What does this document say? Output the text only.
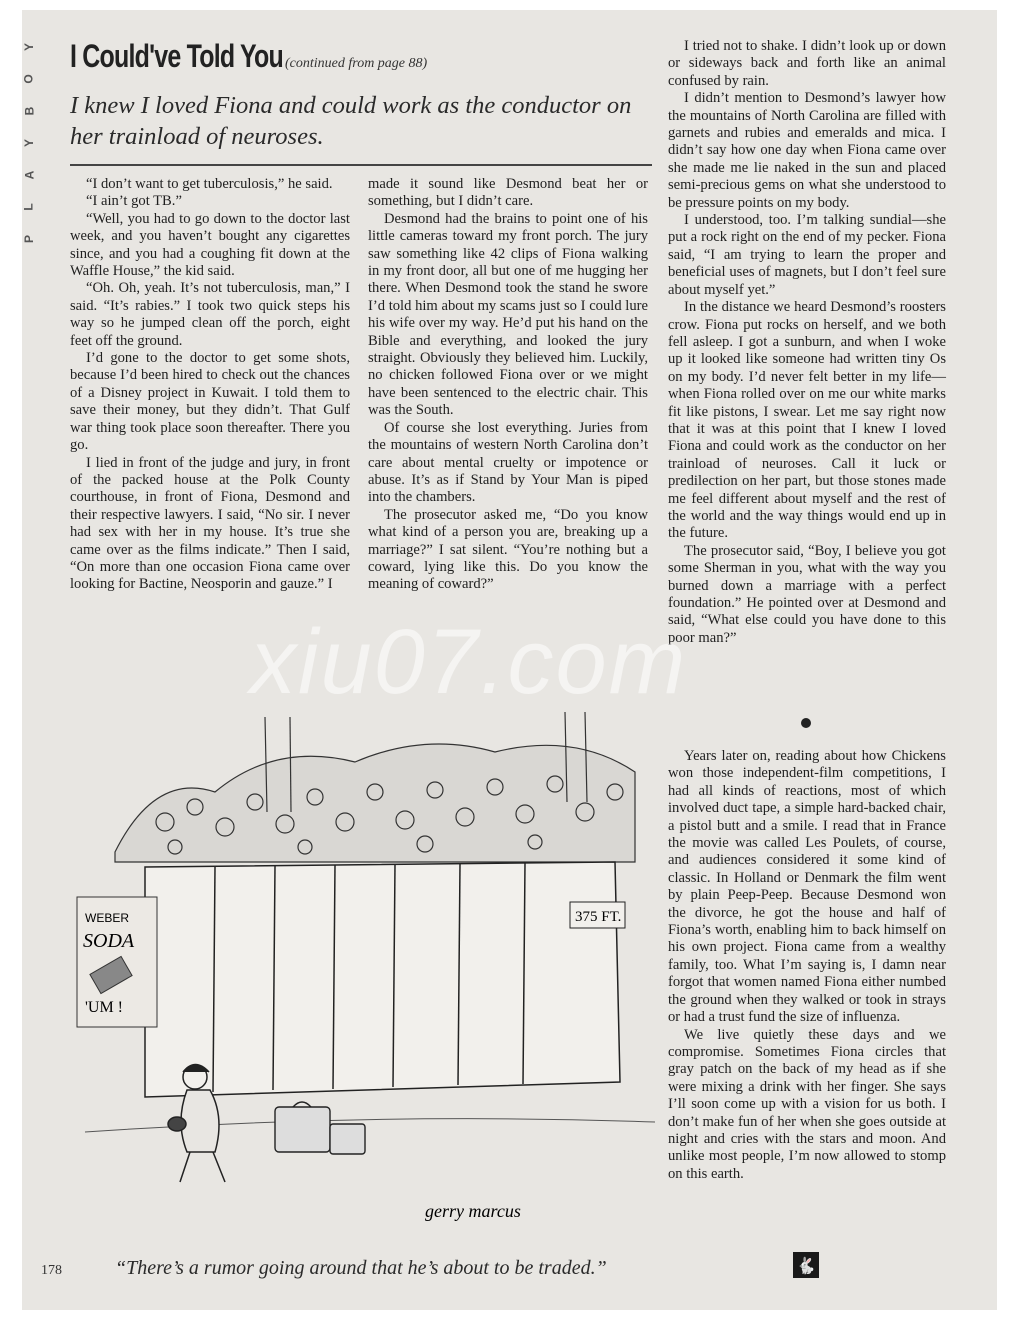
Y
O
B
Y
A
L
P
I Could've Told You (continued from page 88)
I knew I loved Fiona and could work as the conductor on her trainload of neuroses.

“I don’t want to get tuberculosis,” he said.

“I ain’t got TB.”

“Well, you had to go down to the doctor last week, and you haven’t bought any cigarettes since, and you had a coughing fit down at the Waffle House,” the kid said.

“Oh. Oh, yeah. It’s not tuberculosis, man,” I said. “It’s rabies.” I took two quick steps his way so he jumped clean off the porch, eight feet off the ground.

I’d gone to the doctor to get some shots, because I’d been hired to check out the chances of a Disney project in Kuwait. I told them to save their money, but they didn’t. That Gulf war thing took place soon thereafter. There you go.

I lied in front of the judge and jury, in front of the packed house at the Polk County courthouse, in front of Fiona, Desmond and their respective lawyers. I said, “No sir. I never had sex with her in my house. It’s true she came over as the films indicate.” Then I said, “On more than one occasion Fiona came over looking for Bactine, Neosporin and gauze.” I

made it sound like Desmond beat her or something, but I didn’t care.

Desmond had the brains to point one of his little cameras toward my front porch. The jury saw something like 42 clips of Fiona walking in my front door, all but one of me hugging her there. When Desmond took the stand he swore I’d told him about my scams just so I could lure his wife over my way. He’d put his hand on the Bible and everything, and looked the jury straight. Obviously they believed him. Luckily, no chicken followed Fiona over or we might have been sentenced to the electric chair. This was the South.

Of course she lost everything. Juries from the mountains of western North Carolina don’t care about mental cruelty or impotence or abuse. It’s as if Stand by Your Man is piped into the chambers.

The prosecutor asked me, “Do you know what kind of a person you are, breaking up a marriage?” I sat silent. “You’re nothing but a coward, lying like this. Do you know the meaning of coward?”

I tried not to shake. I didn’t look up or down or sideways back and forth like an animal confused by rain.

I didn’t mention to Desmond’s lawyer how the mountains of North Carolina are filled with garnets and rubies and emeralds and mica. I didn’t say how one day when Fiona came over she made me lie naked in the sun and placed semi-precious gems on what she understood to be pressure points on my body.

I understood, too. I’m talking sundial—she put a rock right on the end of my pecker. Fiona said, “I am trying to learn the proper and beneficial uses of magnets, but I don’t feel sure about myself yet.”

In the distance we heard Desmond’s roosters crow. Fiona put rocks on herself, and we both fell asleep. I got a sunburn, and when I woke up it looked like someone had written tiny Os on my body. I’d never felt better in my life—when Fiona rolled over on me our white marks fit like pistons, I swear. Let me say right now that it was at this point that I knew I loved Fiona and could work as the conductor on her trainload of neuroses. Call it luck or predilection on her part, but those stones made me feel different about myself and the rest of the world and the way things would end up in the future.

The prosecutor said, “Boy, I believe you got some Sherman in you, what with the way you burned down a marriage with a perfect foundation.” He pointed over at Desmond and said, “What else could you have done to this poor man?”

Years later on, reading about how Chickens won those independent-film competitions, I had all kinds of reactions, most of which involved duct tape, a simple hard-backed chair, a pistol butt and a smile. I read that in France the movie was called Les Poulets, of course, and audiences considered it some kind of classic. In Holland or Denmark the film went by plain Peep-Peep. Because Desmond won the divorce, he got the house and half of Fiona’s worth, enabling him to back himself on his own project. Fiona came from a wealthy family, too. What I’m saying is, I damn near forgot that women named Fiona either numbed the ground when they walked or took in strays or had a trust fund the size of influenza.

We live quietly these days and we compromise. Sometimes Fiona circles that gray patch on the back of my head as if she were mixing a drink with her finger. She says I’ll soon come up with a vision for us both. I don’t make fun of her when she goes outside at night and cries with the stars and moon. And unlike most people, I’m now allowed to stomp on this earth.

WEBER
SODA
'UM !
375 FT.
gerry marcus
xiu07.com
178	“There’s a rumor going around that he’s about to be traded.”	🐇
